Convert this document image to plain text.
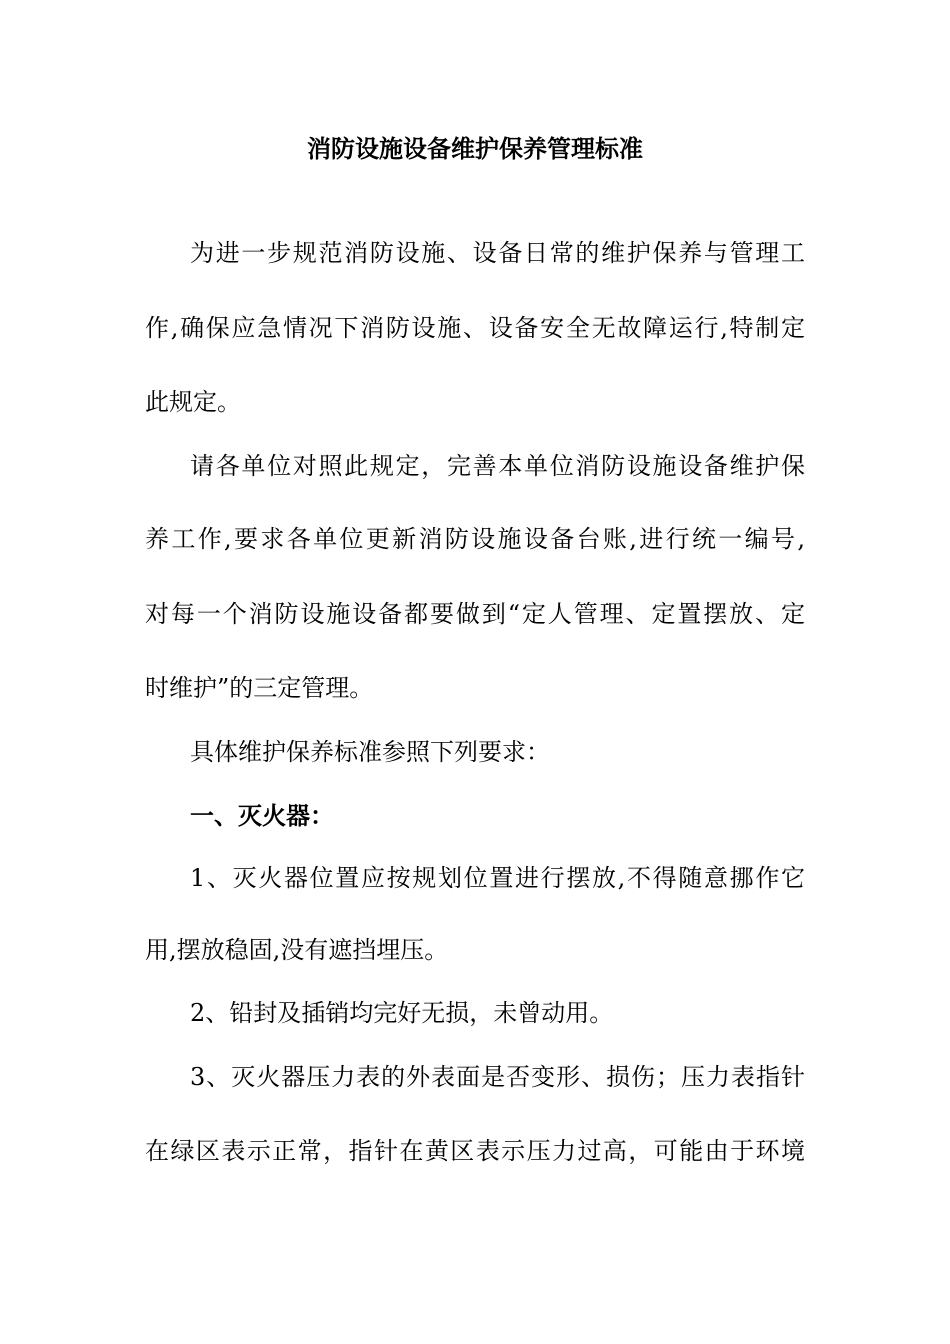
消防设施设备维护保养管理标准
为进一步规范消防设施、设备日常的维护保养与管理工
作,确保应急情况下消防设施、设备安全无故障运行,特制定
此规定。
请各单位对照此规定，完善本单位消防设施设备维护保
养工作,要求各单位更新消防设施设备台账,进行统一编号,
对每一个消防设施设备都要做到“定人管理、定置摆放、定
时维护”的三定管理。
具体维护保养标准参照下列要求：
一、灭火器：
1、灭火器位置应按规划位置进行摆放,不得随意挪作它
用,摆放稳固,没有遮挡埋压。
2、铅封及插销均完好无损，未曾动用。
3、灭火器压力表的外表面是否变形、损伤；压力表指针
在绿区表示正常，指针在黄区表示压力过高，可能由于环境
